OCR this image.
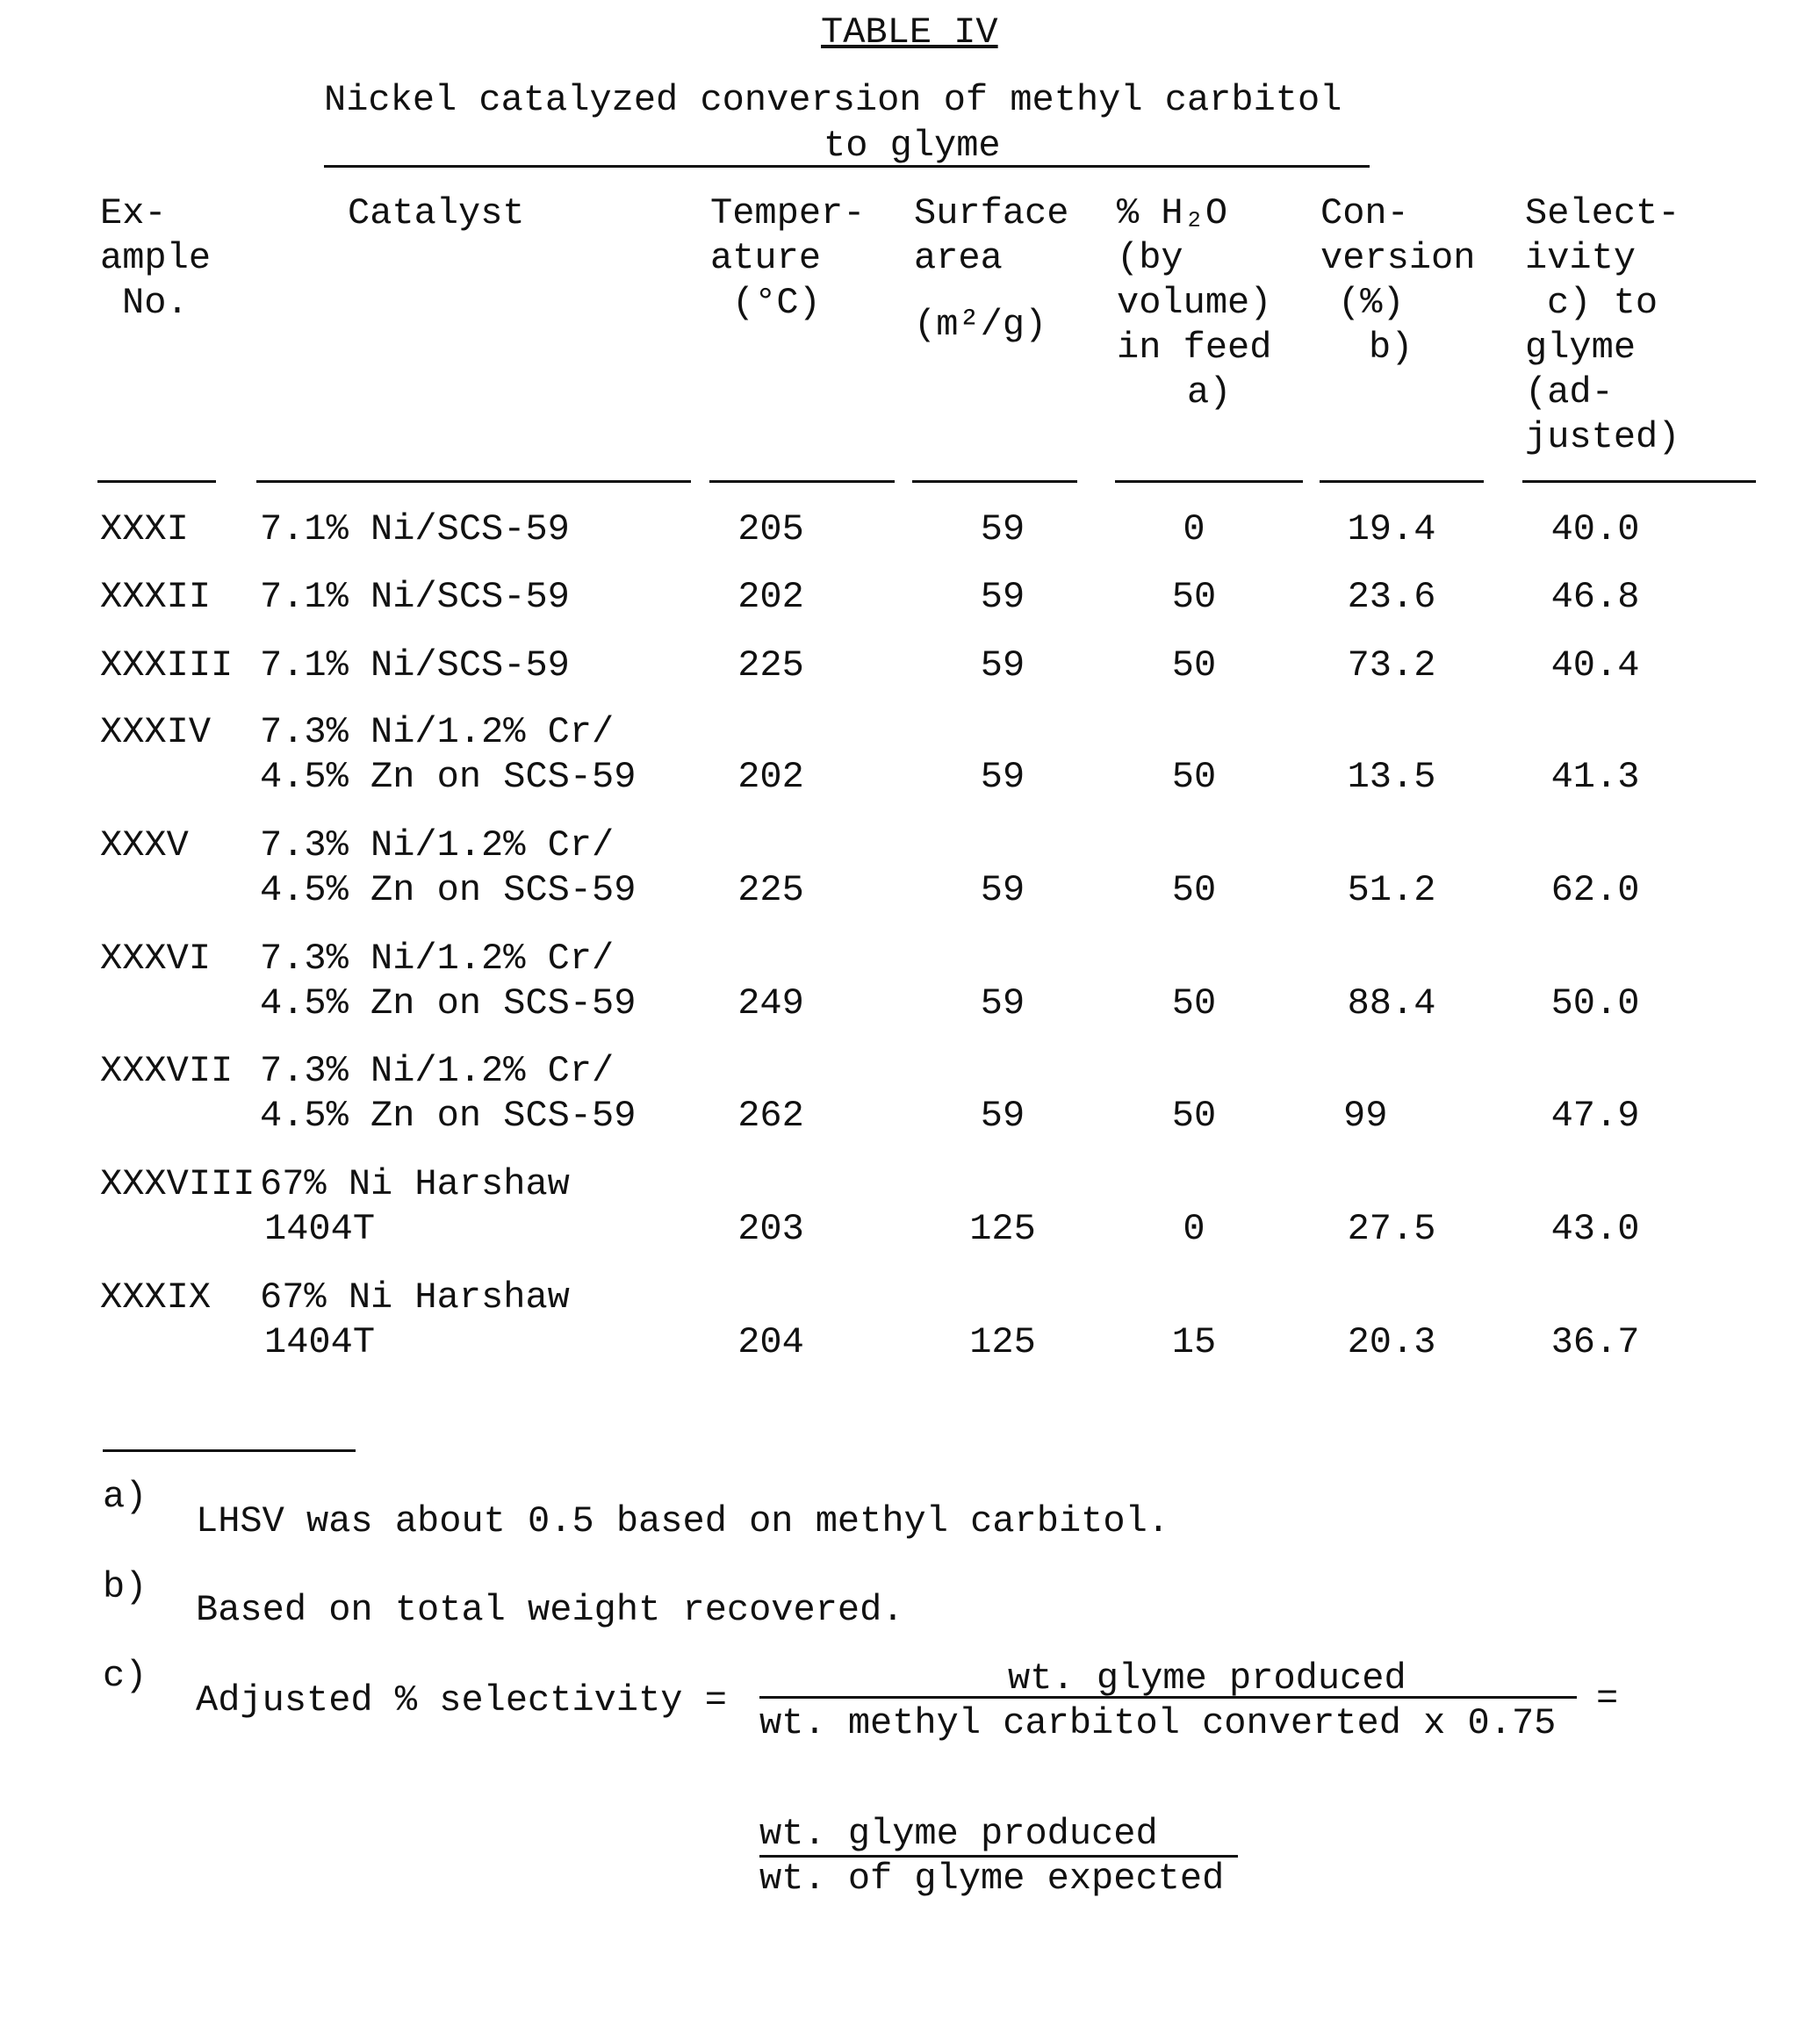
TABLE IV
Nickel catalyzed conversion of methyl carbitol
to glyme
Ex-
ample
No.
Catalyst	Temper-
ature
(°C)
Surface
area
(m²/g)
% H₂O
(by
volume)
in feed
a)
Con-
version
(%)
b)
Select-
ivity
c) to
glyme
(ad-
justed)
XXXI 7.1% Ni/SCS-59	205	59	0	19.4	40.0
XXXII 7.1% Ni/SCS-59	202	59	50	23.6	46.8
XXXIII 7.1% Ni/SCS-59	225	59	50	73.2	40.4
XXXIV 7.3% Ni/1.2% Cr/
4.5% Zn on SCS-59	202	59	50	13.5	41.3
XXXV 7.3% Ni/1.2% Cr/
4.5% Zn on SCS-59	225	59	50	51.2	62.0
XXXVI 7.3% Ni/1.2% Cr/
4.5% Zn on SCS-59	249	59	50	88.4	50.0
XXXVII 7.3% Ni/1.2% Cr/
4.5% Zn on SCS-59	262	59	50	99	47.9
XXXVIII 67% Ni Harshaw
1404T	203	125	0	27.5	43.0
XXXIX 67% Ni Harshaw
1404T	204	125	15	20.3	36.7
a)
LHSV was about 0.5 based on methyl carbitol.
b)
Based on total weight recovered.
c)
Adjusted % selectivity =
wt. glyme produced
wt. methyl carbitol converted x 0.75
=
wt. glyme produced
wt. of glyme expected
